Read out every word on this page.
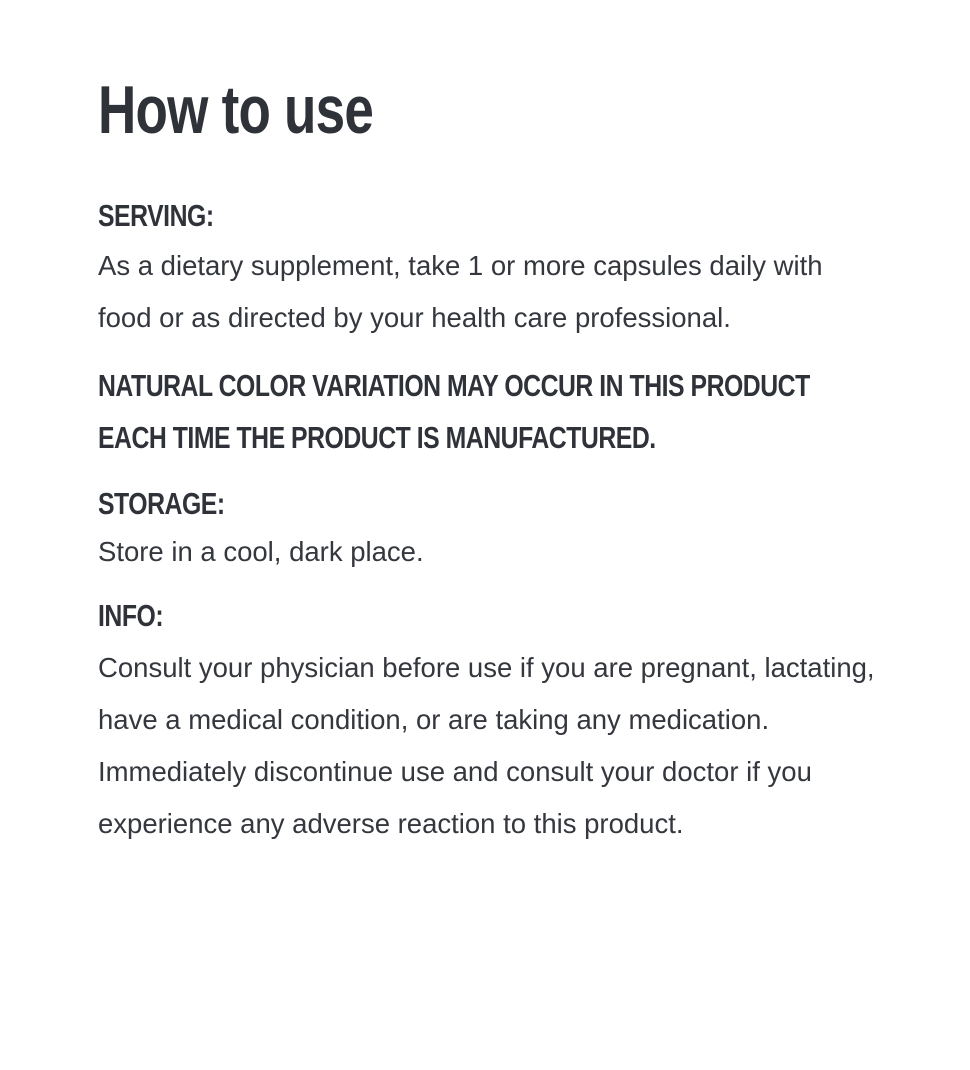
How to use
SERVING:

As a dietary supplement, take 1 or more capsules daily with food or as directed by your health care professional.

NATURAL COLOR VARIATION MAY OCCUR IN THIS PRODUCT EACH TIME THE PRODUCT IS MANUFACTURED.

STORAGE:

Store in a cool, dark place.

INFO:

Consult your physician before use if you are pregnant, lactating, have a medical condition, or are taking any medication. Immediately discontinue use and consult your doctor if you experience any adverse reaction to this product.
